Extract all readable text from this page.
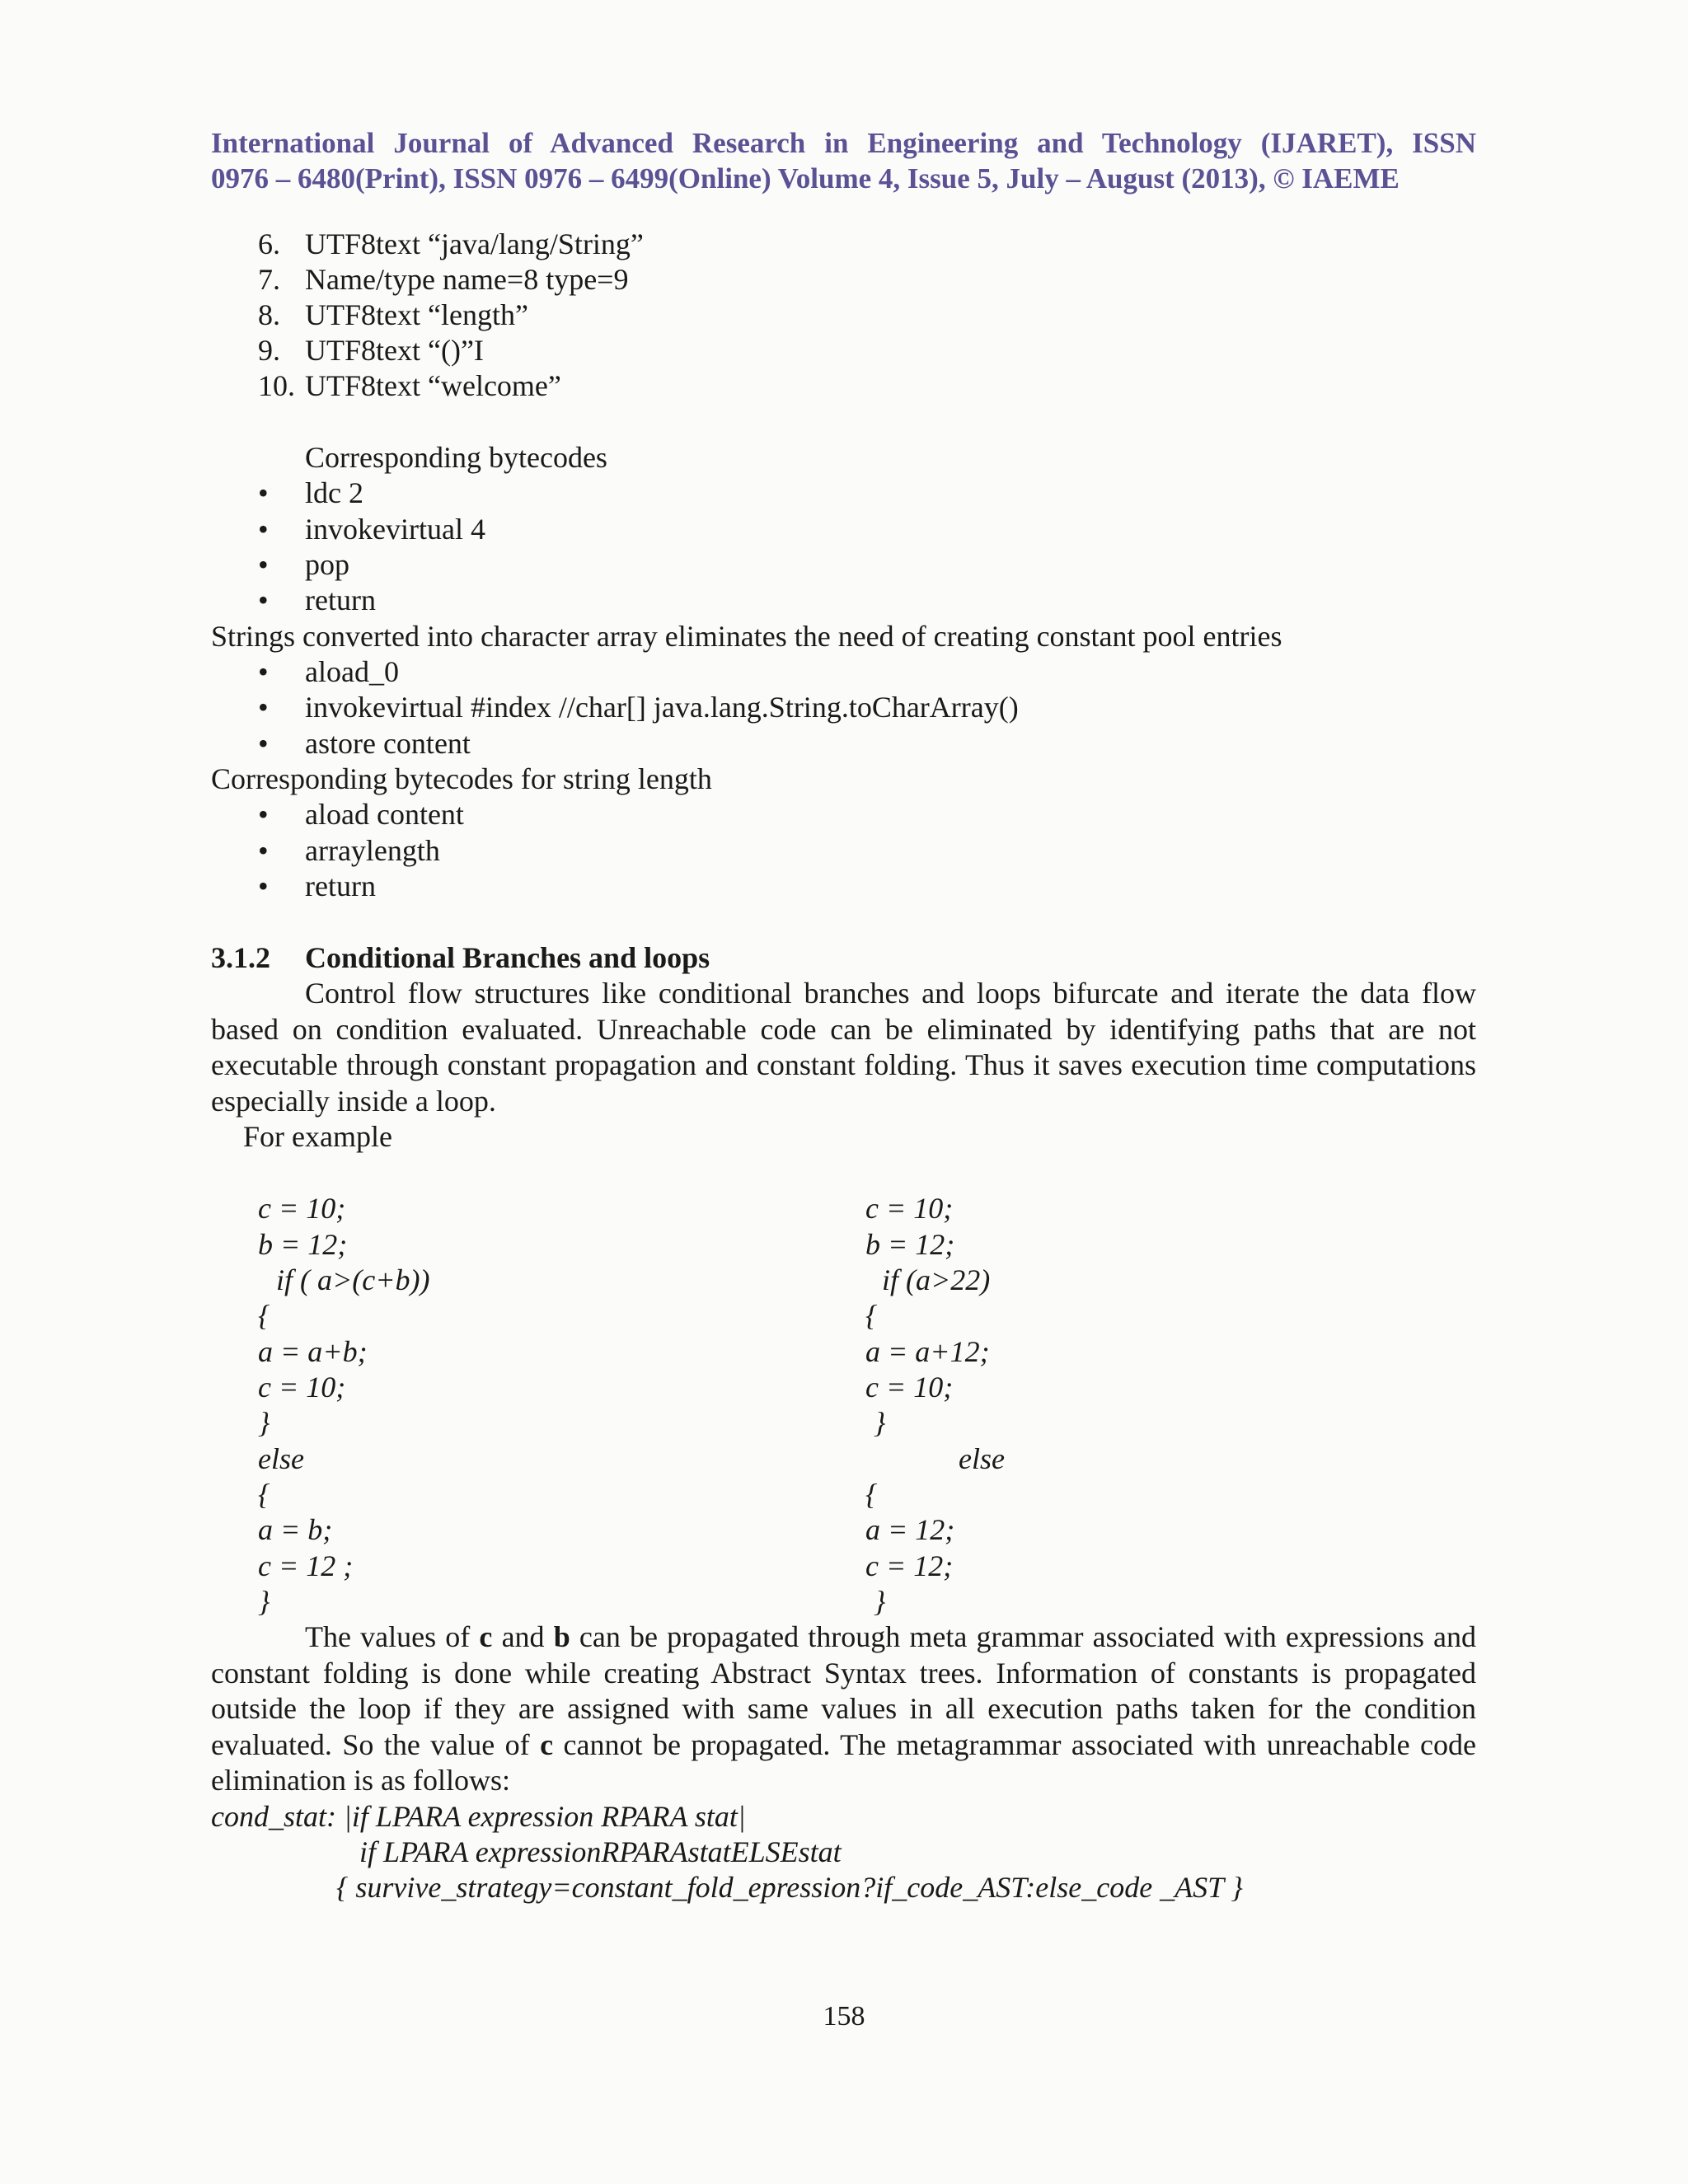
International Journal of Advanced Research in Engineering and Technology (IJARET), ISSN
0976 – 6480(Print), ISSN 0976 – 6499(Online) Volume 4, Issue 5, July – August (2013), © IAEME
6. UTF8text “java/lang/String”
7. Name/type name=8 type=9
8. UTF8text “length”
9. UTF8text “()”I
10. UTF8text “welcome”
Corresponding bytecodes
• ldc 2
• invokevirtual 4
• pop
• return
Strings converted into character array eliminates the need of creating constant pool entries
• aload_0
• invokevirtual #index //char[] java.lang.String.toCharArray()
• astore content
Corresponding bytecodes for string length
• aload content
• arraylength
• return
3.1.2 Conditional Branches and loops
Control flow structures like conditional branches and loops bifurcate and iterate the data flow based on condition evaluated. Unreachable code can be eliminated by identifying paths that are not executable through constant propagation and constant folding. Thus it saves execution time computations especially inside a loop.
For example
c = 10;
b = 12;
if ( a>(c+b))
{
a = a+b;
c = 10;
}
else
{
a = b;
c = 12 ;
}
c = 10;
b = 12;
if (a>22)
{
a = a+12;
c = 10;
}
else
{
a = 12;
c = 12;
}
The values of c and b can be propagated through meta grammar associated with expressions and constant folding is done while creating Abstract Syntax trees. Information of constants is propagated outside the loop if they are assigned with same values in all execution paths taken for the condition evaluated. So the value of c cannot be propagated. The metagrammar associated with unreachable code elimination is as follows:
cond_stat: |if LPARA expression RPARA stat|
if LPARA expressionRPARAstatELSEstat
{ survive_strategy=constant_fold_epression?if_code_AST:else_code _AST }
158
